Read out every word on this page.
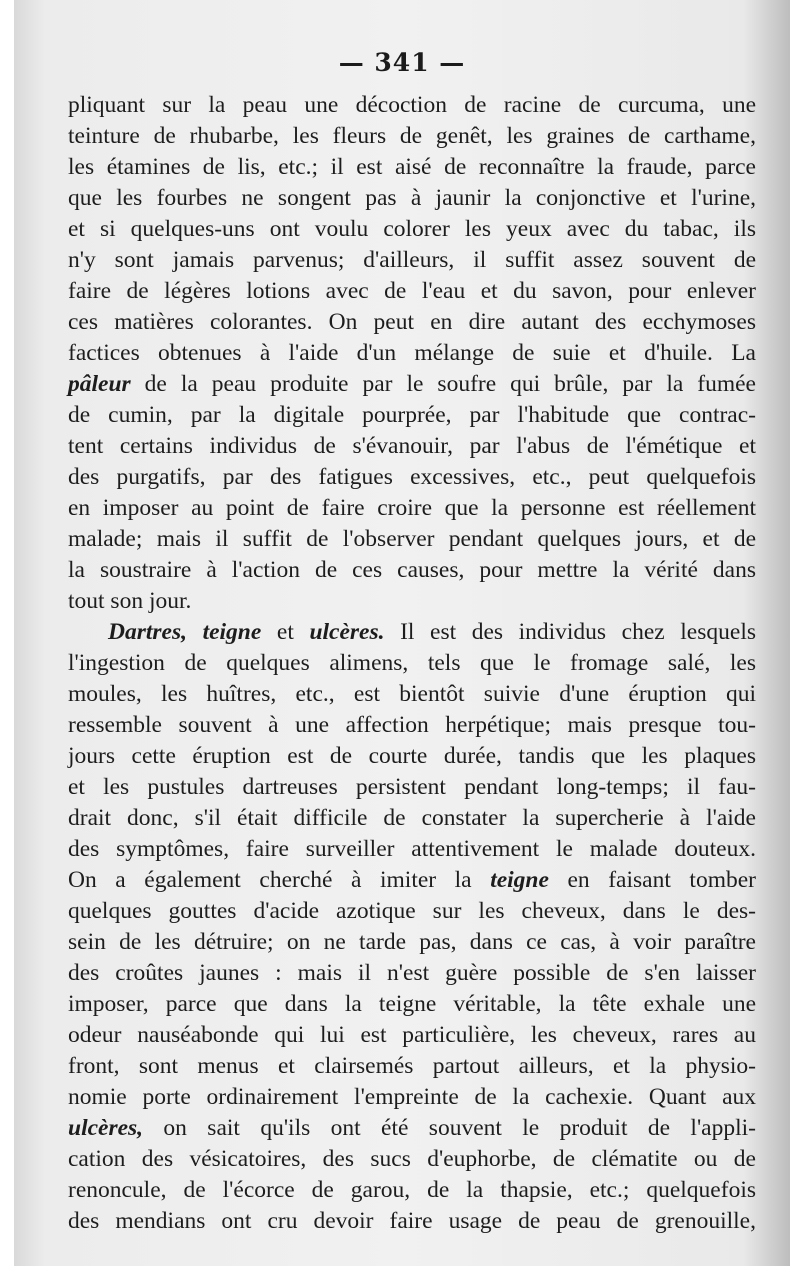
— 341 —
pliquant sur la peau une décoction de racine de curcuma, une
teinture de rhubarbe, les fleurs de genêt, les graines de carthame,
les étamines de lis, etc.; il est aisé de reconnaître la fraude, parce
que les fourbes ne songent pas à jaunir la conjonctive et l'urine,
et si quelques-uns ont voulu colorer les yeux avec du tabac, ils
n'y sont jamais parvenus; d'ailleurs, il suffit assez souvent de
faire de légères lotions avec de l'eau et du savon, pour enlever
ces matières colorantes. On peut en dire autant des ecchymoses
factices obtenues à l'aide d'un mélange de suie et d'huile. La
pâleur de la peau produite par le soufre qui brûle, par la fumée
de cumin, par la digitale pourprée, par l'habitude que contrac-
tent certains individus de s'évanouir, par l'abus de l'émétique et
des purgatifs, par des fatigues excessives, etc., peut quelquefois
en imposer au point de faire croire que la personne est réellement
malade; mais il suffit de l'observer pendant quelques jours, et de
la soustraire à l'action de ces causes, pour mettre la vérité dans
tout son jour.
Dartres, teigne et ulcères. Il est des individus chez lesquels
l'ingestion de quelques alimens, tels que le fromage salé, les
moules, les huîtres, etc., est bientôt suivie d'une éruption qui
ressemble souvent à une affection herpétique; mais presque tou-
jours cette éruption est de courte durée, tandis que les plaques
et les pustules dartreuses persistent pendant long-temps; il fau-
drait donc, s'il était difficile de constater la supercherie à l'aide
des symptômes, faire surveiller attentivement le malade douteux.
On a également cherché à imiter la teigne en faisant tomber
quelques gouttes d'acide azotique sur les cheveux, dans le des-
sein de les détruire; on ne tarde pas, dans ce cas, à voir paraître
des croûtes jaunes : mais il n'est guère possible de s'en laisser
imposer, parce que dans la teigne véritable, la tête exhale une
odeur nauséabonde qui lui est particulière, les cheveux, rares au
front, sont menus et clairsemés partout ailleurs, et la physio-
nomie porte ordinairement l'empreinte de la cachexie. Quant aux
ulcères, on sait qu'ils ont été souvent le produit de l'appli-
cation des vésicatoires, des sucs d'euphorbe, de clématite ou de
renoncule, de l'écorce de garou, de la thapsie, etc.; quelquefois
des mendians ont cru devoir faire usage de peau de grenouille,
